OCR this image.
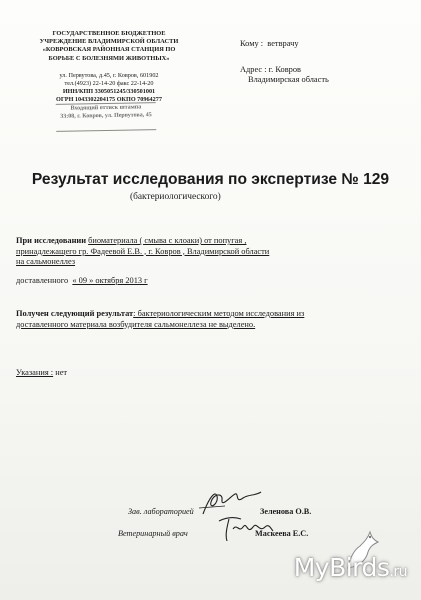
ГОСУДАРСТВЕННОЕ БЮДЖЕТНОЕ
УЧРЕЖДЕНИЕ ВЛАДИМИРСКОЙ ОБЛАСТИ
«КОВРОВСКАЯ РАЙОННАЯ СТАНЦИЯ ПО
БОРЬБЕ С БОЛЕЗНЯМИ ЖИВОТНЫХ»
ул. Первутова, д.45, г. Ковров, 601902
тел.(4923) 22-14-20 факс 22-14-20
ИНН/КПП 3305051245/330501001
ОГРН 1043302204175 ОКПО 70964277
Входящий оттиск штампа
33:08, г. Ковров, ул. Первутова, 45
Кому : ветврачу
Адрес : г. Ковров
Владимирская область
Результат исследования по экспертизе № 129
(бактериологического)
При исследовании биоматериала ( смыва с клоаки) от попугая ,
принадлежащего гр. Фадеевой Е.В. , г. Ковров , Владимирской области
на сальмонеллез
доставленного « 09 » октября 2013 г
Получен следующий результат: бактериологическим методом исследования из
доставленного материала возбудителя сальмонеллеза не выделено.
Указания : нет
Зав. лабораторией	Зеленова О.В.
Ветеринарный врач	Маскеева Е.С.
MyBirds.ru
